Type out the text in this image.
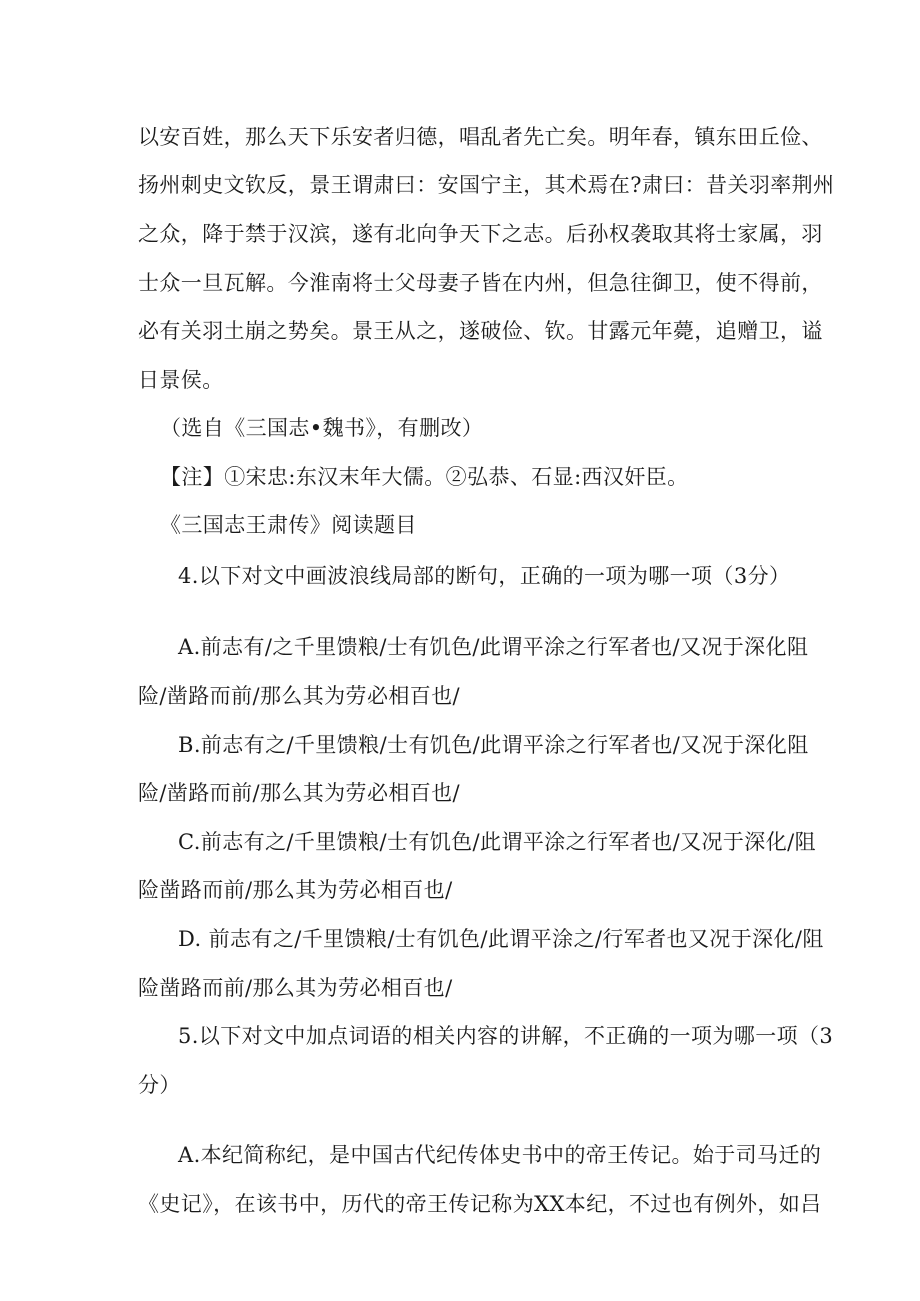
以安百姓，那么天下乐安者归德，唱乱者先亡矣。明年春，镇东田丘俭、
扬州刺史文钦反，景王谓肃曰：安国宁主，其术焉在?肃曰：昔关羽率荆州
之众，降于禁于汉滨，遂有北向争天下之志。后孙权袭取其将士家属，羽
士众一旦瓦解。今淮南将士父母妻子皆在内州，但急往御卫，使不得前，
必有关羽土崩之势矣。景王从之，遂破俭、钦。甘露元年薨，追赠卫，谥
日景侯。
（选自《三国志•魏书》，有删改）
【注】①宋忠:东汉末年大儒。②弘恭、石显:西汉奸臣。
《三国志王肃传》阅读题目
4.以下对文中画波浪线局部的断句，正确的一项为哪一项（3分）
A.前志有/之千里馈粮/士有饥色/此谓平涂之行军者也/又况于深化阻
险/凿路而前/那么其为劳必相百也/
B.前志有之/千里馈粮/士有饥色/此谓平涂之行军者也/又况于深化阻
险/凿路而前/那么其为劳必相百也/
C.前志有之/千里馈粮/士有饥色/此谓平涂之行军者也/又况于深化/阻
险凿路而前/那么其为劳必相百也/
D. 前志有之/千里馈粮/士有饥色/此谓平涂之/行军者也又况于深化/阻
险凿路而前/那么其为劳必相百也/
5.以下对文中加点词语的相关内容的讲解，不正确的一项为哪一项（3
分）
A.本纪简称纪，是中国古代纪传体史书中的帝王传记。始于司马迁的
《史记》，在该书中，历代的帝王传记称为XX本纪，不过也有例外，如吕
